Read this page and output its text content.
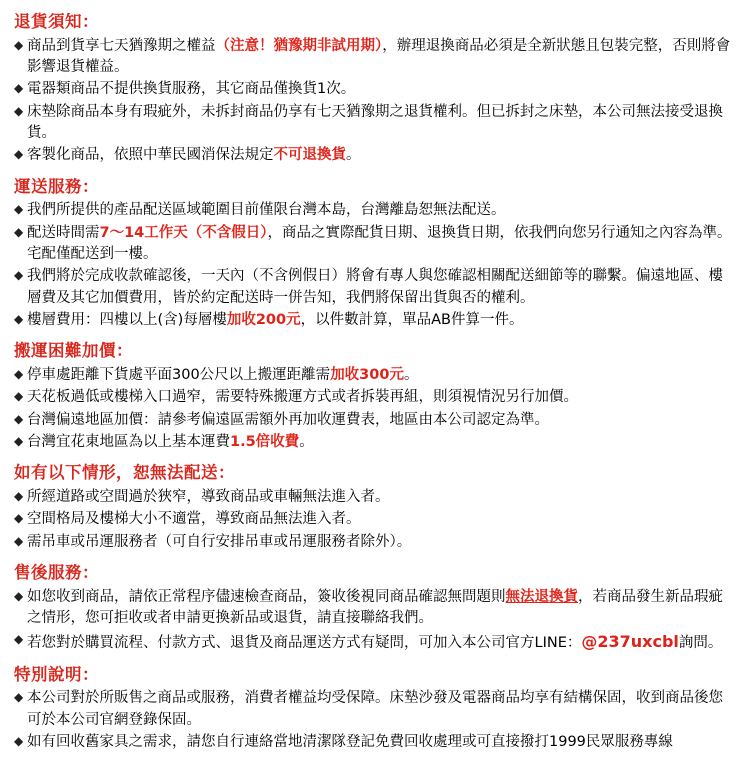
退貨須知：
◆ 商品到貨享七天猶豫期之權益（注意！猶豫期非試用期），辦理退換商品必須是全新狀態且包裝完整，否則將會影響退貨權益。
◆ 電器類商品不提供換貨服務，其它商品僅換貨1次。
◆ 床墊除商品本身有瑕疵外，未拆封商品仍享有七天猶豫期之退貨權利。但已拆封之床墊，本公司無法接受退換貨。
◆ 客製化商品，依照中華民國消保法規定不可退換貨。
運送服務：
◆ 我們所提供的產品配送區域範圍目前僅限台灣本島，台灣離島恕無法配送。
◆ 配送時間需7～14工作天（不含假日），商品之實際配貨日期、退換貨日期，依我們向您另行通知之內容為準。宅配僅配送到一樓。
◆ 我們將於完成收款確認後，一天內（不含例假日）將會有專人與您確認相關配送細節等的聯繫。偏遠地區、樓層費及其它加價費用，皆於約定配送時一併告知，我們將保留出貨與否的權利。
◆ 樓層費用：四樓以上(含)每層樓加收200元，以件數計算，單品AB件算一件。
搬運困難加價：
◆ 停車處距離下貨處平面300公尺以上搬運距離需加收300元。
◆ 天花板過低或樓梯入口過窄，需要特殊搬運方式或者拆裝再組，則須視情況另行加價。
◆ 台灣偏遠地區加價：請參考偏遠區需額外再加收運費表，地區由本公司認定為準。
◆ 台灣宜花東地區為以上基本運費1.5倍收費。
如有以下情形，恕無法配送：
◆ 所經道路或空間過於狹窄，導致商品或車輛無法進入者。
◆ 空間格局及樓梯大小不適當，導致商品無法進入者。
◆ 需吊車或吊運服務者（可自行安排吊車或吊運服務者除外）。
售後服務：
◆ 如您收到商品，請依正常程序儘速檢查商品，簽收後視同商品確認無問題則無法退換貨，若商品發生新品瑕疵之情形，您可拒收或者申請更換新品或退貨，請直接聯絡我們。
◆ 若您對於購買流程、付款方式、退貨及商品運送方式有疑問，可加入本公司官方LINE：@237uxcbl詢問。
特別說明：
◆ 本公司對於所販售之商品或服務，消費者權益均受保障。床墊沙發及電器商品均享有結構保固，收到商品後您可於本公司官網登錄保固。
◆ 如有回收舊家具之需求，請您自行連絡當地清潔隊登記免費回收處理或可直接撥打1999民眾服務專線
